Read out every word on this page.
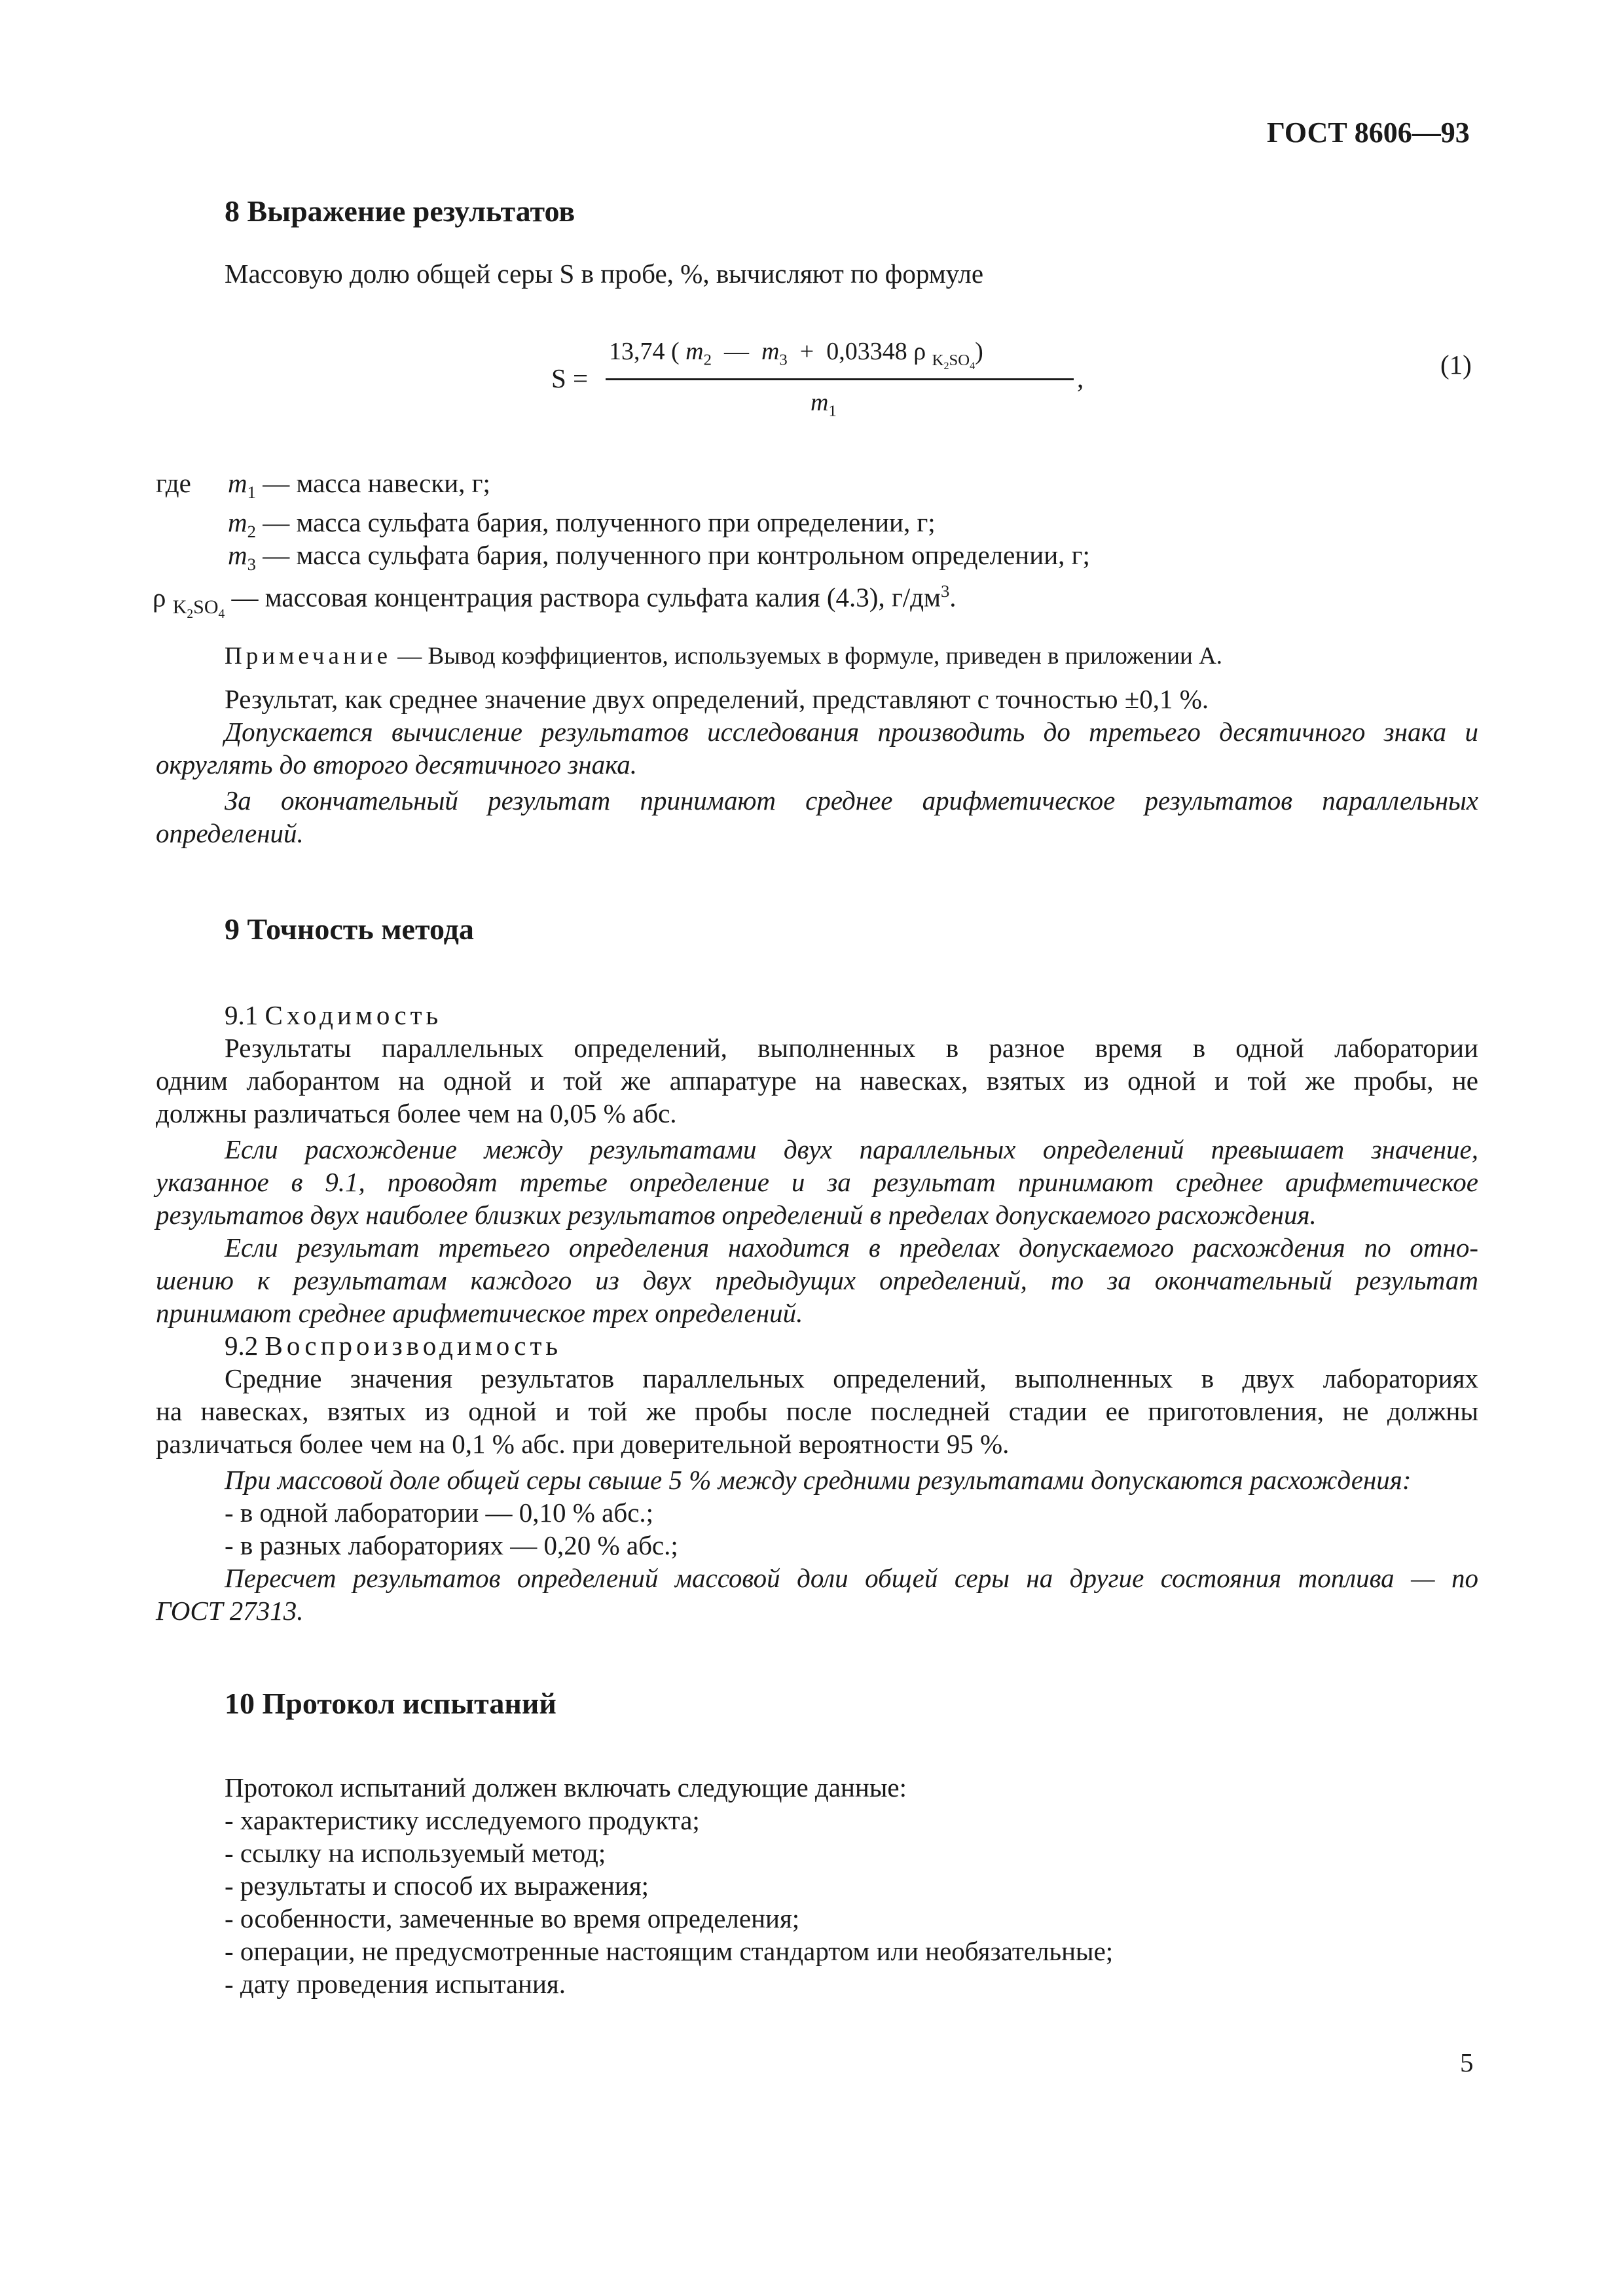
ГОСТ 8606—93
8 Выражение результатов
Массовую долю общей серы S в пробе, %, вычисляют по формуле
S =
13,74 ( $m_2$ — $m_3 + 0,03348$ ρ $_{K_2SO_4}$)
,
$m_1$
(1)
где $m_1$ — масса навески, г;
$m_2$ — масса сульфата бария, полученного при определении, г;
$m_3$ — масса сульфата бария, полученного при контрольном определении, г;
ρ $_{K_2SO_4}$ — массовая концентрация раствора сульфата калия (4.3), $г/дм^3$.
Примечание — Вывод коэффициентов, используемых в формуле, приведен в приложении А.
Результат, как среднее значение двух определений, представляют с точностью ±0,1 %.
Допускается вычисление результатов исследования производить до третьего десятичного знака и
округлять до второго десятичного знака.
За окончательный результат принимают среднее арифметическое результатов параллельных
определений.
9 Точность метода
9.1 Сходимость
Результаты параллельных определений, выполненных в разное время в одной лаборатории
одним лаборантом на одной и той же аппаратуре на навесках, взятых из одной и той же пробы, не
должны различаться более чем на 0,05 % абс.
Если расхождение между результатами двух параллельных определений превышает значение,
указанное в 9.1, проводят третье определение и за результат принимают среднее арифметическое
результатов двух наиболее близких результатов определений в пределах допускаемого расхождения.
Если результат третьего определения находится в пределах допускаемого расхождения по отно-
шению к результатам каждого из двух предыдущих определений, то за окончательный результат
принимают среднее арифметическое трех определений.
9.2 Воспроизводимость
Средние значения результатов параллельных определений, выполненных в двух лабораториях
на навесках, взятых из одной и той же пробы после последней стадии ее приготовления, не должны
различаться более чем на 0,1 % абс. при доверительной вероятности 95 %.
При массовой доле общей серы свыше 5 % между средними результатами допускаются расхождения:
- в одной лаборатории — 0,10 % абс.;
- в разных лабораториях — 0,20 % абс.;
Пересчет результатов определений массовой доли общей серы на другие состояния топлива — по
ГОСТ 27313.
10 Протокол испытаний
Протокол испытаний должен включать следующие данные:
- характеристику исследуемого продукта;
- ссылку на используемый метод;
- результаты и способ их выражения;
- особенности, замеченные во время определения;
- операции, не предусмотренные настоящим стандартом или необязательные;
- дату проведения испытания.
5
